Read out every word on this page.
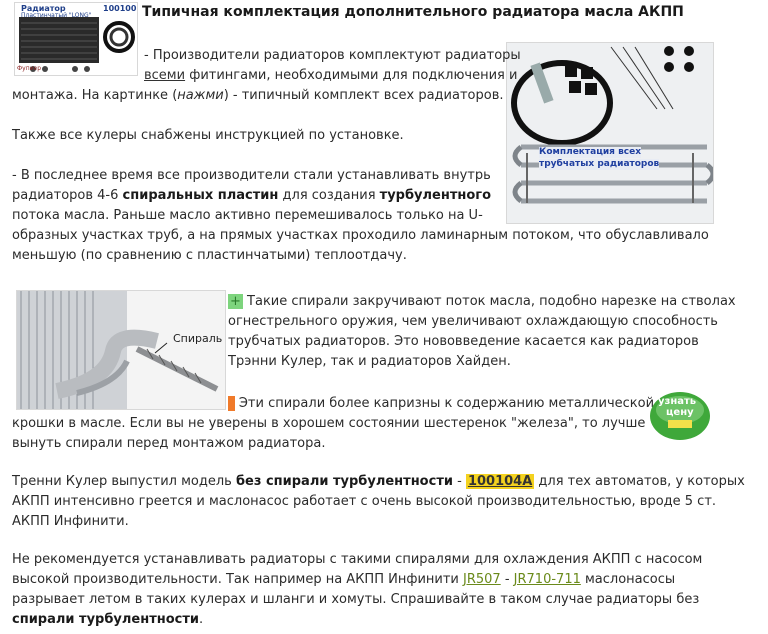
Радиатор
Пластинчатый "LONG"
100100
Фупиер
Типичная комплектация дополнительного радиатора масла АКПП
Комплектация всех
трубчатых радиаторов
- Производители радиаторов комплектуют радиаторы
всеми фитингами, необходимыми для подключения и
монтажа. На картинке (нажми) - типичный комплект всех радиаторов.
Также все кулеры снабжены инструкцией по установке.
- В последнее время все производители стали устанавливать внутрь
радиаторов 4-6 спиральных пластин для создания турбулентного
потока масла. Раньше масло активно перемешивалось только на U-
образных участках труб, а на прямых участках проходило ламинарным потоком, что обуславливало
меньшую (по сравнению с пластинчатыми) теплоотдачу.
Спираль
+ Такие спирали закручивают поток масла, подобно нарезке на стволах
огнестрельного оружия, чем увеличивают охлаждающую способность
трубчатых радиаторов. Это нововведение касается как радиаторов
Трэнни Кулер, так и радиаторов Хайден.
- Эти спирали более капризны к содержанию металлической
крошки в масле. Если вы не уверены в хорошем состоянии шестеренок "железа", то лучше
вынуть спирали перед монтажом радиатора.
узнать
цену
Тренни Кулер выпустил модель без спирали турбулентности - 100104A для тех автоматов, у которых
АКПП интенсивно греется и маслонасос работает с очень высокой производительностью, вроде 5 ст.
АКПП Инфинити.
Не рекомендуется устанавливать радиаторы с такими спиралями для охлаждения АКПП с насосом
высокой производительности. Так например на АКПП Инфинити JR507 - JR710-711 маслонасосы
разрываeт летом в таких кулерах и шланги и хомуты. Спрашивайте в таком случае радиаторы без
спирали турбулентности.
